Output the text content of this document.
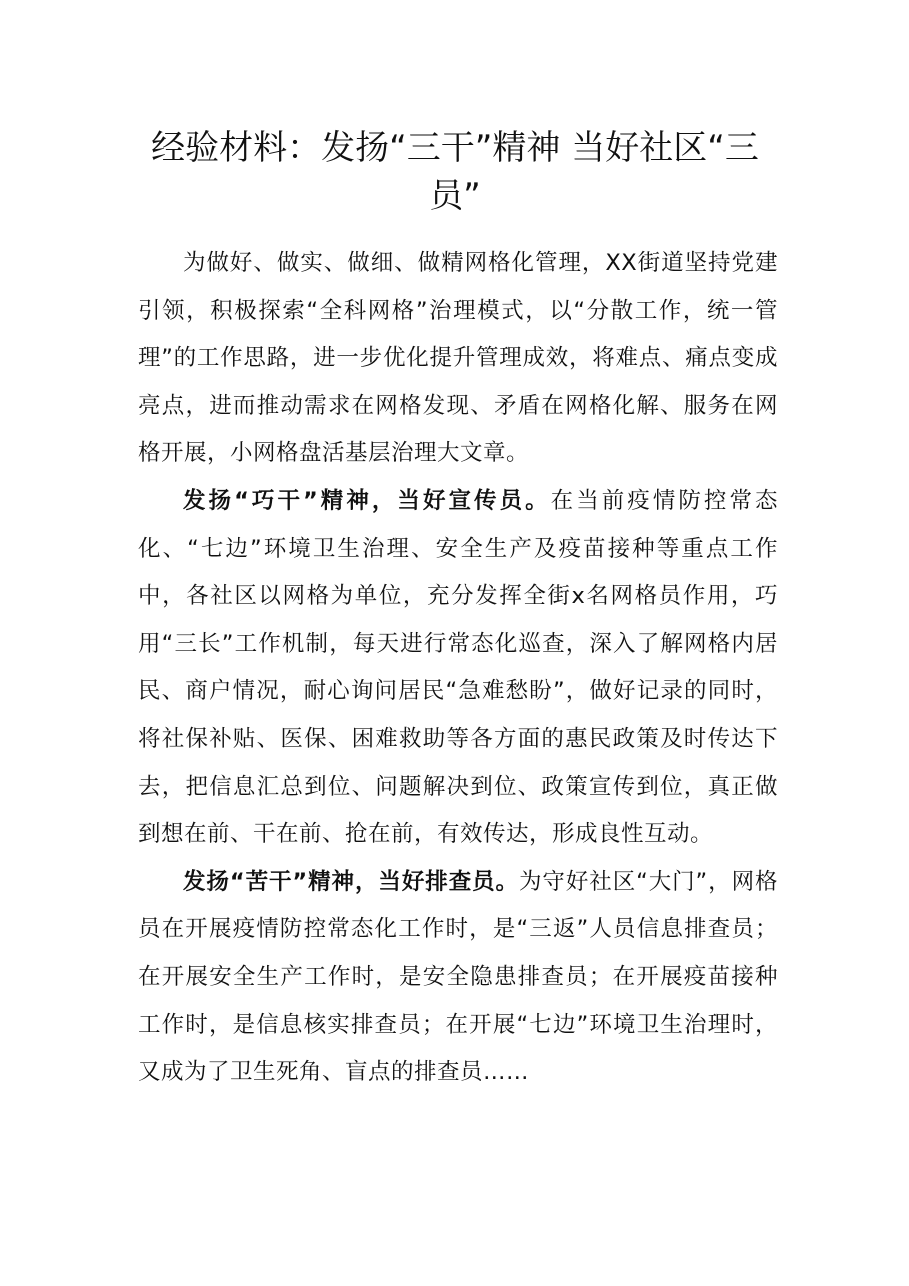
经验材料：发扬“三干”精神 当好社区“三员”

为做好、做实、做细、做精网格化管理，XX街道坚持党建引领，积极探索“全科网格”治理模式，以“分散工作，统一管理”的工作思路，进一步优化提升管理成效，将难点、痛点变成亮点，进而推动需求在网格发现、矛盾在网格化解、服务在网格开展，小网格盘活基层治理大文章。

发扬“巧干”精神，当好宣传员。在当前疫情防控常态化、“七边”环境卫生治理、安全生产及疫苗接种等重点工作中，各社区以网格为单位，充分发挥全街x名网格员作用，巧用“三长”工作机制，每天进行常态化巡查，深入了解网格内居民、商户情况，耐心询问居民“急难愁盼”，做好记录的同时，将社保补贴、医保、困难救助等各方面的惠民政策及时传达下去，把信息汇总到位、问题解决到位、政策宣传到位，真正做到想在前、干在前、抢在前，有效传达，形成良性互动。

发扬“苦干”精神，当好排查员。为守好社区“大门”，网格员在开展疫情防控常态化工作时，是“三返”人员信息排查员；在开展安全生产工作时，是安全隐患排查员；在开展疫苗接种工作时，是信息核实排查员；在开展“七边”环境卫生治理时，又成为了卫生死角、盲点的排查员……
